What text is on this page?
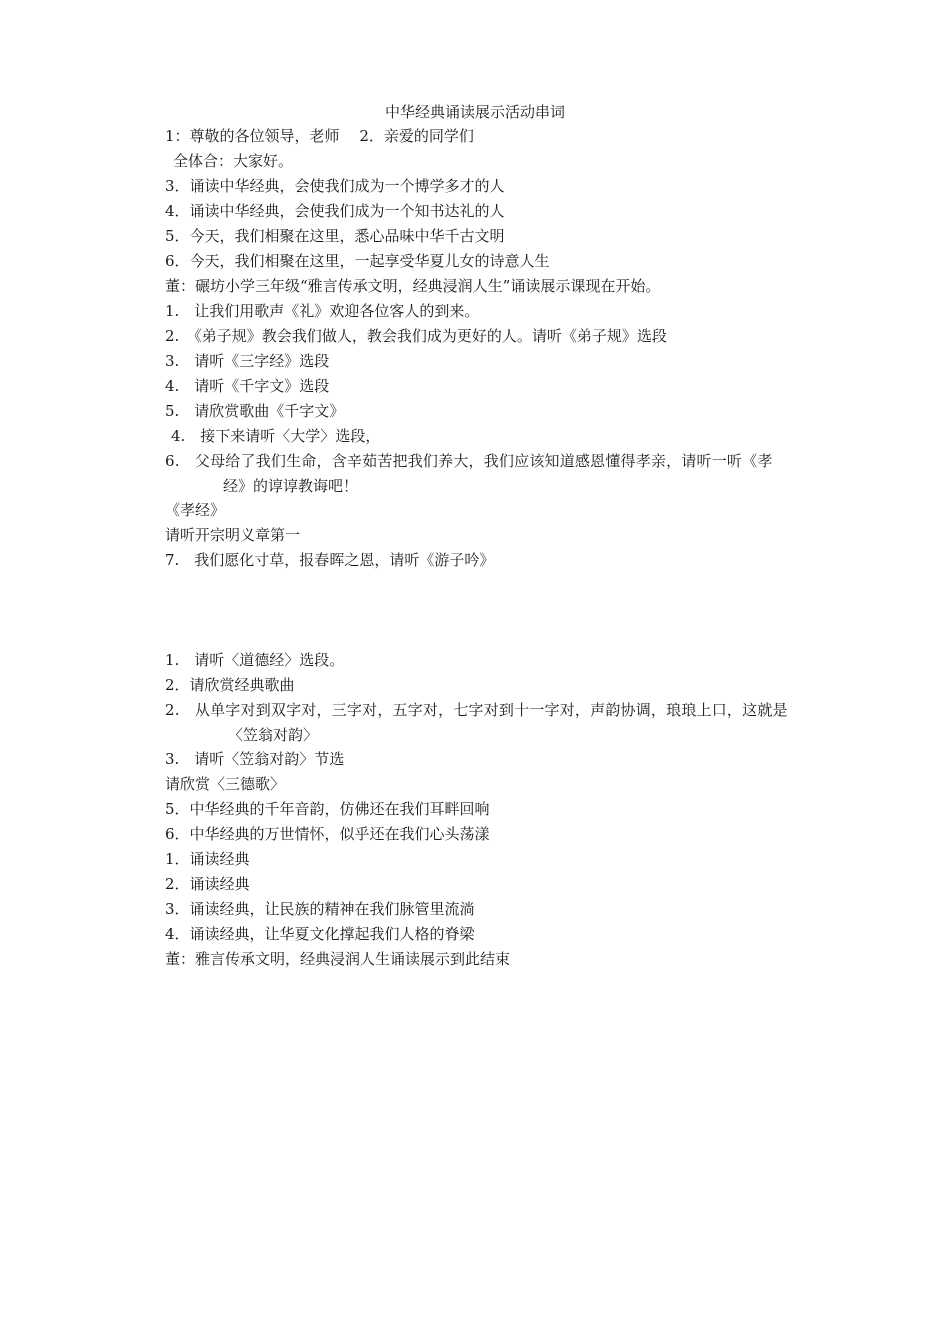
中华经典诵读展示活动串词
1：尊敬的各位领导，老师　 2．亲爱的同学们
全体合：大家好。
3．诵读中华经典，会使我们成为一个博学多才的人
4．诵读中华经典，会使我们成为一个知书达礼的人
5．今天，我们相聚在这里，悉心品味中华千古文明
6．今天，我们相聚在这里，一起享受华夏儿女的诗意人生
董：碾坊小学三年级“雅言传承文明，经典浸润人生”诵读展示课现在开始。
1.　让我们用歌声《礼》欢迎各位客人的到来。
2.　《弟子规》教会我们做人，教会我们成为更好的人。请听《弟子规》选段
3.　请听《三字经》选段
4.　请听《千字文》选段
5.　请欣赏歌曲《千字文》
4.　接下来请听〈大学〉选段，
6.　父母给了我们生命，含辛茹苦把我们养大，我们应该知道感恩懂得孝亲，请听一听《孝
经》的谆谆教诲吧！
《孝经》
请听开宗明义章第一
7.　我们愿化寸草，报春晖之恩，请听《游子吟》
1.　请听〈道德经〉选段。
2．请欣赏经典歌曲
2.　从单字对到双字对，三字对，五字对，七字对到十一字对，声韵协调，琅琅上口，这就是
〈笠翁对韵〉
3.　请听〈笠翁对韵〉节选
请欣赏〈三德歌〉
5．中华经典的千年音韵，仿佛还在我们耳畔回响
6．中华经典的万世情怀，似乎还在我们心头荡漾
1．诵读经典
2．诵读经典
3．诵读经典，让民族的精神在我们脉管里流淌
4．诵读经典，让华夏文化撑起我们人格的脊梁
董：雅言传承文明，经典浸润人生诵读展示到此结束
